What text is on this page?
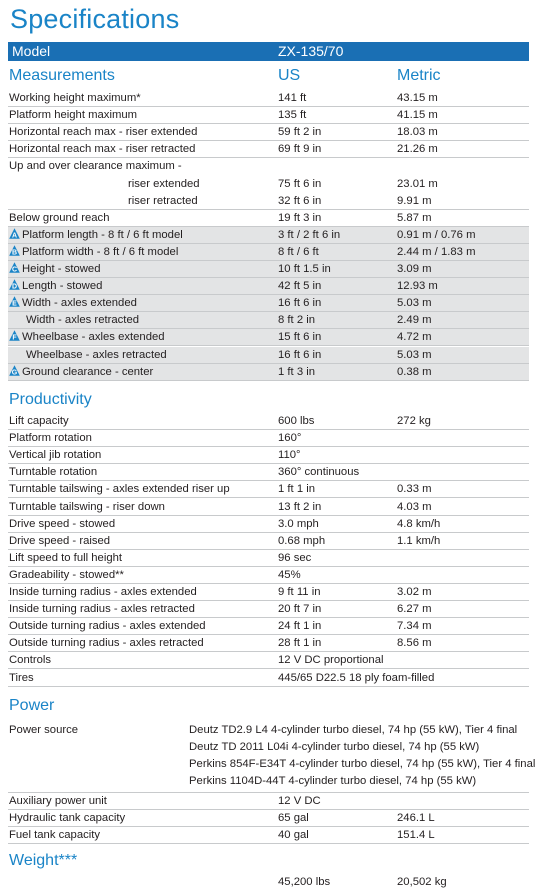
Specifications
Model	ZX-135/70
Measurements	US	Metric
Working height maximum*	141 ft	43.15 m
Platform height maximum	135 ft	41.15 m
Horizontal reach max - riser extended	59 ft 2 in	18.03 m
Horizontal reach max - riser retracted	69 ft 9 in	21.26 m
Up and over clearance maximum -
riser extended	75 ft 6 in	23.01 m
riser retracted	32 ft 6 in	9.91 m
Below ground reach	19 ft 3 in	5.87 m
A Platform length - 8 ft / 6 ft model	3 ft / 2 ft 6 in	0.91 m / 0.76 m
B Platform width - 8 ft / 6 ft model	8 ft / 6 ft	2.44 m / 1.83 m
C Height - stowed	10 ft 1.5 in	3.09 m
D Length - stowed	42 ft 5 in	12.93 m
E Width - axles extended	16 ft 6 in	5.03 m
Width - axles retracted	8 ft 2 in	2.49 m
F Wheelbase - axles extended	15 ft 6 in	4.72 m
Wheelbase - axles retracted	16 ft 6 in	5.03 m
G Ground clearance - center	1 ft 3 in	0.38 m
Productivity
Lift capacity	600 lbs	272 kg
Platform rotation	160°
Vertical jib rotation	110°
Turntable rotation	360° continuous
Turntable tailswing - axles extended riser up	1 ft 1 in	0.33 m
Turntable tailswing - riser down	13 ft 2 in	4.03 m
Drive speed - stowed	3.0 mph	4.8 km/h
Drive speed - raised	0.68 mph	1.1 km/h
Lift speed to full height	96 sec
Gradeability - stowed**	45%
Inside turning radius - axles extended	9 ft 11 in	3.02 m
Inside turning radius - axles retracted	20 ft 7 in	6.27 m
Outside turning radius - axles extended	24 ft 1 in	7.34 m
Outside turning radius - axles retracted	28 ft 1 in	8.56 m
Controls	12 V DC proportional
Tires	445/65 D22.5 18 ply foam-filled
Power
Power source	Deutz TD2.9 L4 4-cylinder turbo diesel, 74 hp (55 kW), Tier 4 final
Deutz TD 2011 L04i 4-cylinder turbo diesel, 74 hp (55 kW)
Perkins 854F-E34T 4-cylinder turbo diesel, 74 hp (55 kW), Tier 4 final
Perkins 1104D-44T 4-cylinder turbo diesel, 74 hp (55 kW)
Auxiliary power unit	12 V DC
Hydraulic tank capacity	65 gal	246.1 L
Fuel tank capacity	40 gal	151.4 L
Weight***
45,200 lbs	20,502 kg
